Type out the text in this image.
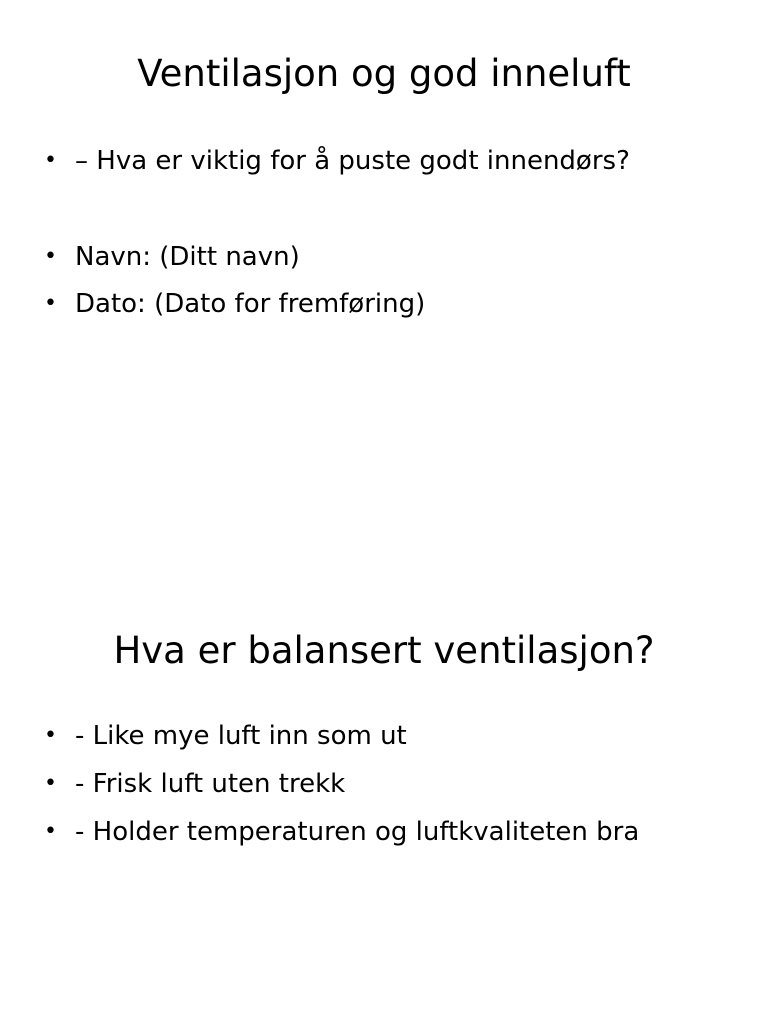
Ventilasjon og god inneluft
• – Hva er viktig for å puste godt innendørs?
• Navn: (Ditt navn)
• Dato: (Dato for fremføring)
Hva er balansert ventilasjon?
• - Like mye luft inn som ut
• - Frisk luft uten trekk
• - Holder temperaturen og luftkvaliteten bra
